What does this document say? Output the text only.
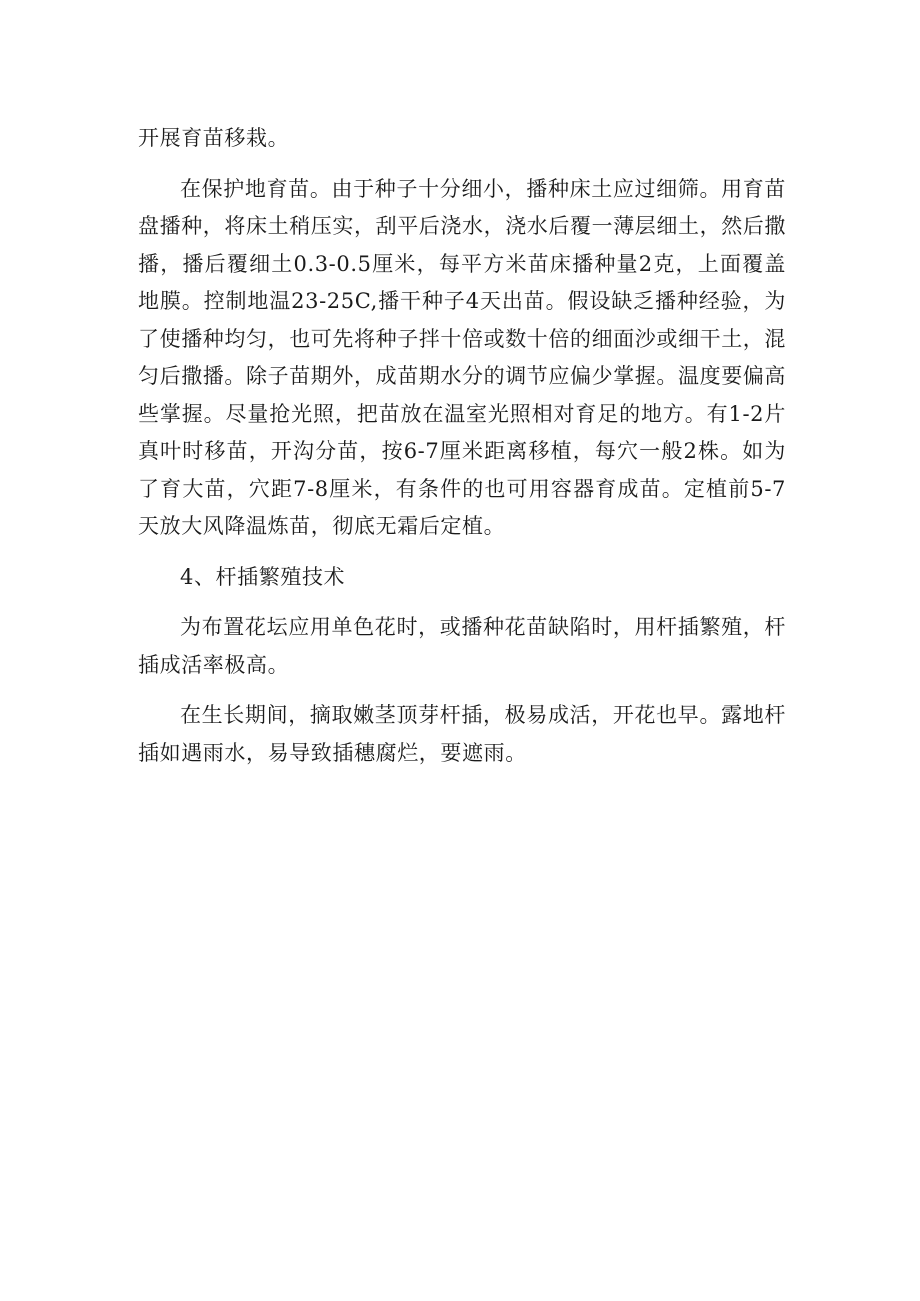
开展育苗移栽。

在保护地育苗。由于种子十分细小，播种床土应过细筛。用育苗盘播种，将床土稍压实，刮平后浇水，浇水后覆一薄层细土，然后撒播，播后覆细土0.3-0.5厘米，每平方米苗床播种量2克，上面覆盖地膜。控制地温23-25C,播干种子4天出苗。假设缺乏播种经验，为了使播种均匀，也可先将种子拌十倍或数十倍的细面沙或细干土，混匀后撒播。除子苗期外，成苗期水分的调节应偏少掌握。温度要偏高些掌握。尽量抢光照，把苗放在温室光照相对育足的地方。有1-2片真叶时移苗，开沟分苗，按6-7厘米距离移植，每穴一般2株。如为了育大苗，穴距7-8厘米，有条件的也可用容器育成苗。定植前5-7天放大风降温炼苗，彻底无霜后定植。

4、杆插繁殖技术

为布置花坛应用单色花时，或播种花苗缺陷时，用杆插繁殖，杆插成活率极高。

在生长期间，摘取嫩茎顶芽杆插，极易成活，开花也早。露地杆插如遇雨水，易导致插穗腐烂，要遮雨。
